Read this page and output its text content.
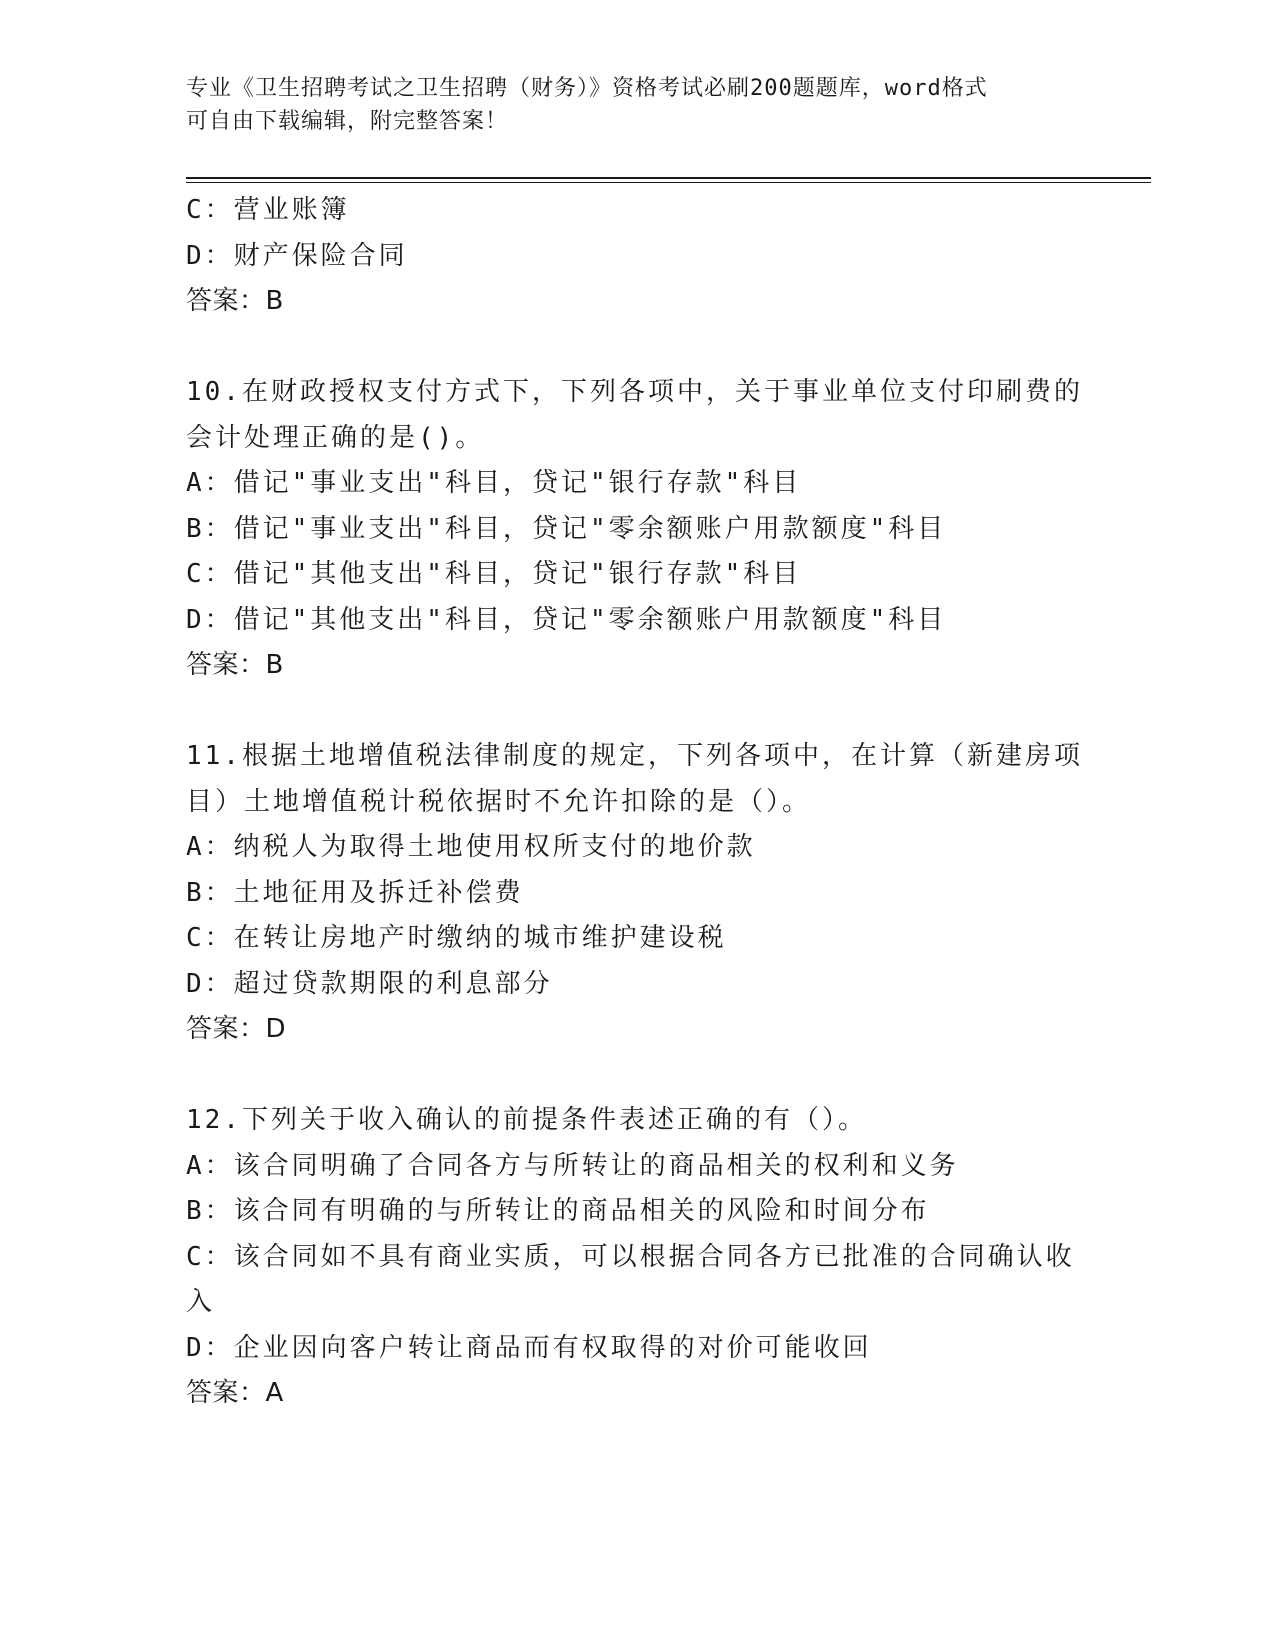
专业《卫生招聘考试之卫生招聘（财务）》资格考试必刷200题题库，word格式
可自由下载编辑，附完整答案！
C：营业账簿
D：财产保险合同
答案：B
10.在财政授权支付方式下，下列各项中，关于事业单位支付印刷费的
会计处理正确的是()。
A：借记"事业支出"科目，贷记"银行存款"科目
B：借记"事业支出"科目，贷记"零余额账户用款额度"科目
C：借记"其他支出"科目，贷记"银行存款"科目
D：借记"其他支出"科目，贷记"零余额账户用款额度"科目
答案：B
11.根据土地增值税法律制度的规定，下列各项中，在计算（新建房项
目）土地增值税计税依据时不允许扣除的是（）。
A：纳税人为取得土地使用权所支付的地价款
B：土地征用及拆迁补偿费
C：在转让房地产时缴纳的城市维护建设税
D：超过贷款期限的利息部分
答案：D
12.下列关于收入确认的前提条件表述正确的有（）。
A：该合同明确了合同各方与所转让的商品相关的权利和义务
B：该合同有明确的与所转让的商品相关的风险和时间分布
C：该合同如不具有商业实质，可以根据合同各方已批准的合同确认收
入
D：企业因向客户转让商品而有权取得的对价可能收回
答案：A
